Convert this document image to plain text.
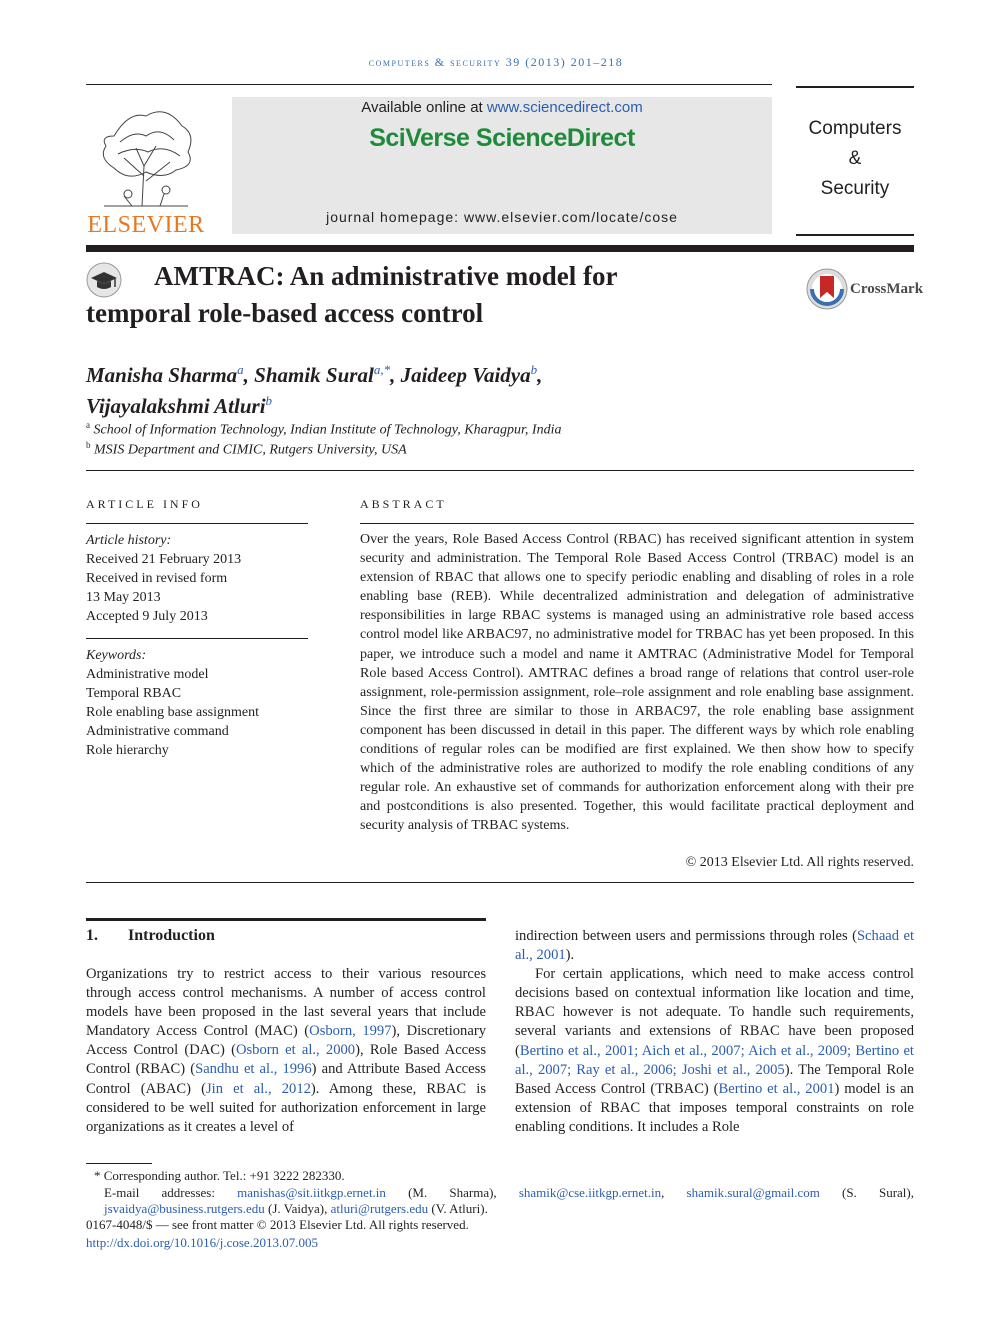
computers & security 39 (2013) 201–218
ELSEVIER
Available online at www.sciencedirect.com
SciVerse ScienceDirect
journal homepage: www.elsevier.com/locate/cose
Computers
&
Security
AMTRAC: An administrative model for
temporal role-based access control
CrossMark
Manisha Sharma$^a$, Shamik Sural$^{a,*}$, Jaideep Vaidya$^b$,
Vijayalakshmi Atluri$^b$
$^a$ School of Information Technology, Indian Institute of Technology, Kharagpur, India
$^b$ MSIS Department and CIMIC, Rutgers University, USA
ARTICLE INFO
Article history:
Received 21 February 2013
Received in revised form
13 May 2013
Accepted 9 July 2013
Keywords:
Administrative model
Temporal RBAC
Role enabling base assignment
Administrative command
Role hierarchy
ABSTRACT
Over the years, Role Based Access Control (RBAC) has received significant attention in system security and administration. The Temporal Role Based Access Control (TRBAC) model is an extension of RBAC that allows one to specify periodic enabling and disabling of roles in a role enabling base (REB). While decentralized administration and delegation of administrative responsibilities in large RBAC systems is managed using an administrative role based access control model like ARBAC97, no administrative model for TRBAC has yet been proposed. In this paper, we introduce such a model and name it AMTRAC (Administrative Model for Temporal Role based Access Control). AMTRAC defines a broad range of relations that control user-role assignment, role-permission assignment, role–role assignment and role enabling base assignment. Since the first three are similar to those in ARBAC97, the role enabling base assignment component has been discussed in detail in this paper. The different ways by which role enabling conditions of regular roles can be modified are first explained. We then show how to specify which of the administrative roles are authorized to modify the role enabling conditions of any regular role. An exhaustive set of commands for authorization enforcement along with their pre and postconditions is also presented. Together, this would facilitate practical deployment and security analysis of TRBAC systems.
© 2013 Elsevier Ltd. All rights reserved.
1. Introduction
Organizations try to restrict access to their various resources through access control mechanisms. A number of access control models have been proposed in the last several years that include Mandatory Access Control (MAC) (Osborn, 1997), Discretionary Access Control (DAC) (Osborn et al., 2000), Role Based Access Control (RBAC) (Sandhu et al., 1996) and Attribute Based Access Control (ABAC) (Jin et al., 2012). Among these, RBAC is considered to be well suited for authorization enforcement in large organizations as it creates a level of
indirection between users and permissions through roles (Schaad et al., 2001).
For certain applications, which need to make access control decisions based on contextual information like location and time, RBAC however is not adequate. To handle such requirements, several variants and extensions of RBAC have been proposed (Bertino et al., 2001; Aich et al., 2007; Aich et al., 2009; Bertino et al., 2007; Ray et al., 2006; Joshi et al., 2005). The Temporal Role Based Access Control (TRBAC) (Bertino et al., 2001) model is an extension of RBAC that imposes temporal constraints on role enabling conditions. It includes a Role
* Corresponding author. Tel.: +91 3222 282330.
E-mail addresses: manishas@sit.iitkgp.ernet.in (M. Sharma), shamik@cse.iitkgp.ernet.in, shamik.sural@gmail.com (S. Sural), jsvaidya@business.rutgers.edu (J. Vaidya), atluri@rutgers.edu (V. Atluri).
0167-4048/$ — see front matter © 2013 Elsevier Ltd. All rights reserved.
http://dx.doi.org/10.1016/j.cose.2013.07.005
